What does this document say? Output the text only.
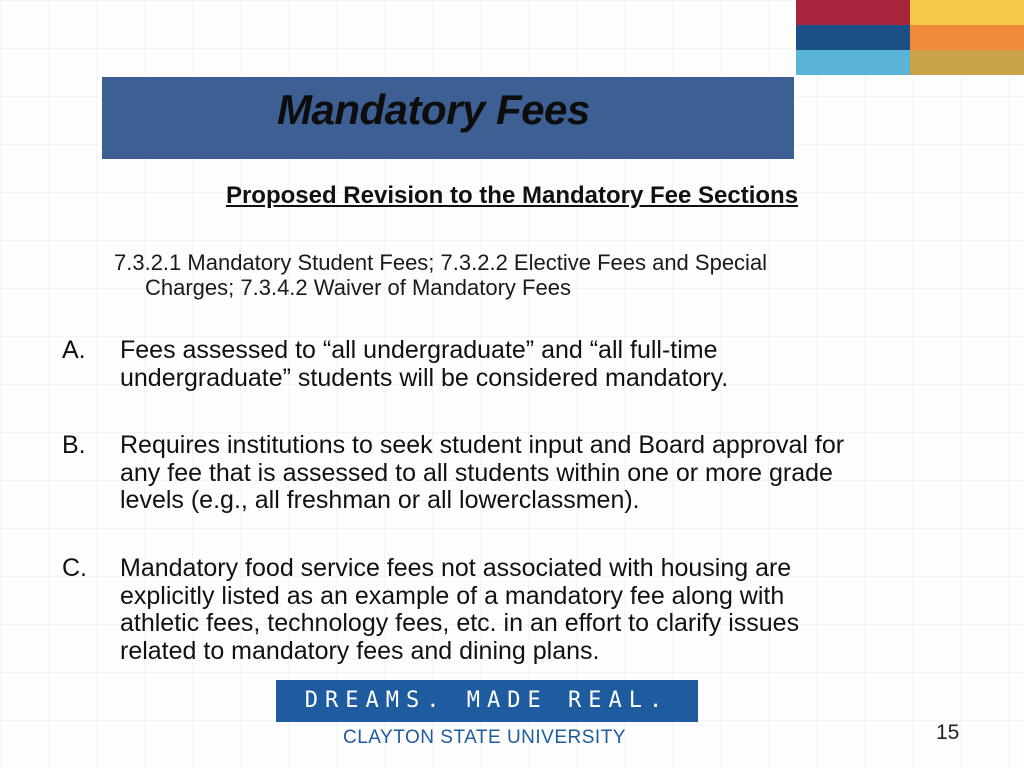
Mandatory Fees
Proposed Revision to the Mandatory Fee Sections
7.3.2.1 Mandatory Student Fees; 7.3.2.2 Elective Fees and Special
Charges; 7.3.4.2 Waiver of Mandatory Fees
A. Fees assessed to “all undergraduate” and “all full-time
undergraduate” students will be considered mandatory.
B. Requires institutions to seek student input and Board approval for
any fee that is assessed to all students within one or more grade
levels (e.g., all freshman or all lowerclassmen).
C. Mandatory food service fees not associated with housing are
explicitly listed as an example of a mandatory fee along with
athletic fees, technology fees, etc. in an effort to clarify issues
related to mandatory fees and dining plans.
DREAMS. MADE REAL.
CLAYTON STATE UNIVERSITY	15
